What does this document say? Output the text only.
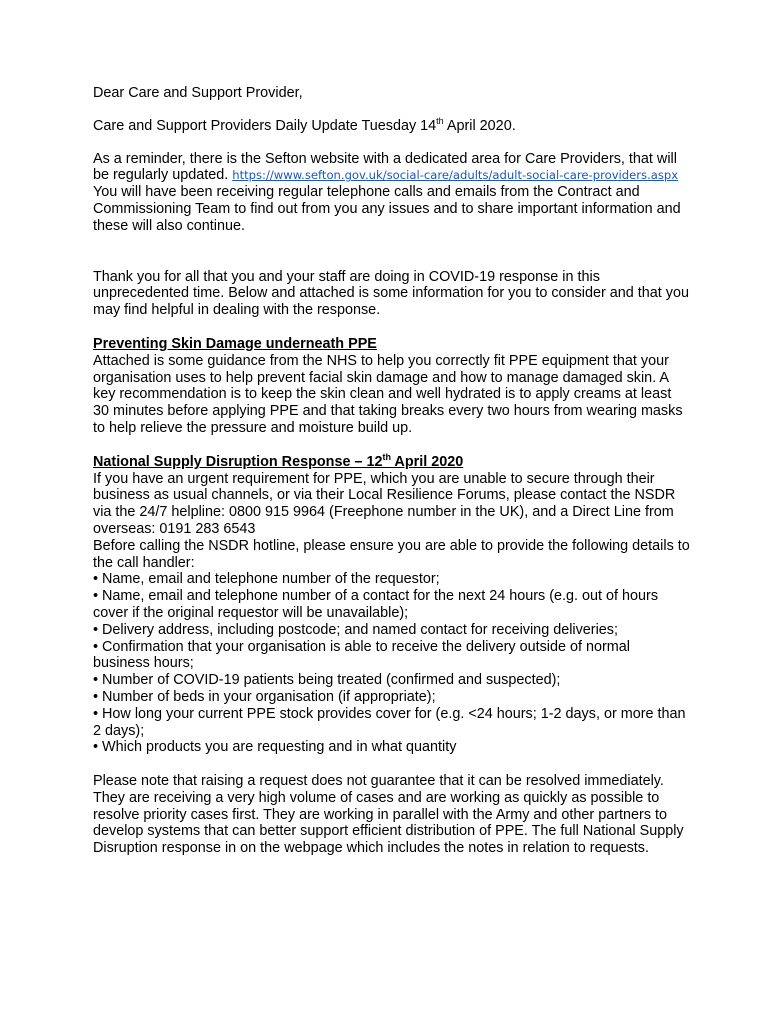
Dear Care and Support Provider,

Care and Support Providers Daily Update Tuesday 14th April 2020.

As a reminder, there is the Sefton website with a dedicated area for Care Providers, that will be regularly updated. https://www.sefton.gov.uk/social-care/adults/adult-social-care-providers.aspx You will have been receiving regular telephone calls and emails from the Contract and Commissioning Team to find out from you any issues and to share important information and these will also continue.

Thank you for all that you and your staff are doing in COVID-19 response in this unprecedented time. Below and attached is some information for you to consider and that you may find helpful in dealing with the response.

Preventing Skin Damage underneath PPE

Attached is some guidance from the NHS to help you correctly fit PPE equipment that your organisation uses to help prevent facial skin damage and how to manage damaged skin. A key recommendation is to keep the skin clean and well hydrated is to apply creams at least 30 minutes before applying PPE and that taking breaks every two hours from wearing masks to help relieve the pressure and moisture build up.

National Supply Disruption Response – 12th April 2020

If you have an urgent requirement for PPE, which you are unable to secure through their business as usual channels, or via their Local Resilience Forums, please contact the NSDR via the 24/7 helpline: 0800 915 9964 (Freephone number in the UK), and a Direct Line from overseas: 0191 283 6543

Before calling the NSDR hotline, please ensure you are able to provide the following details to the call handler:

• Name, email and telephone number of the requestor;
• Name, email and telephone number of a contact for the next 24 hours (e.g. out of hours cover if the original requestor will be unavailable);
• Delivery address, including postcode; and named contact for receiving deliveries;
• Confirmation that your organisation is able to receive the delivery outside of normal business hours;
• Number of COVID-19 patients being treated (confirmed and suspected);
• Number of beds in your organisation (if appropriate);
• How long your current PPE stock provides cover for (e.g. <24 hours; 1-2 days, or more than 2 days);
• Which products you are requesting and in what quantity

Please note that raising a request does not guarantee that it can be resolved immediately. They are receiving a very high volume of cases and are working as quickly as possible to resolve priority cases first. They are working in parallel with the Army and other partners to develop systems that can better support efficient distribution of PPE. The full National Supply Disruption response in on the webpage which includes the notes in relation to requests.
